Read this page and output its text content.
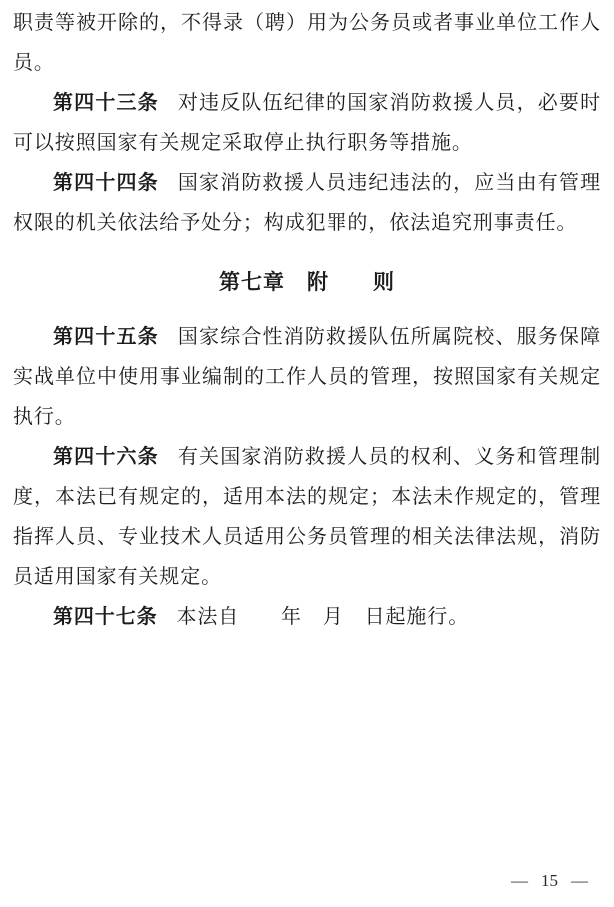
职责等被开除的，不得录（聘）用为公务员或者事业单位工作人员。

第四十三条 对违反队伍纪律的国家消防救援人员，必要时可以按照国家有关规定采取停止执行职务等措施。

第四十四条 国家消防救援人员违纪违法的，应当由有管理权限的机关依法给予处分；构成犯罪的，依法追究刑事责任。

第七章　附　　则

第四十五条 国家综合性消防救援队伍所属院校、服务保障实战单位中使用事业编制的工作人员的管理，按照国家有关规定执行。

第四十六条 有关国家消防救援人员的权利、义务和管理制度，本法已有规定的，适用本法的规定；本法未作规定的，管理指挥人员、专业技术人员适用公务员管理的相关法律法规，消防员适用国家有关规定。

第四十七条 本法自　　年　月　日起施行。

— 15 —
